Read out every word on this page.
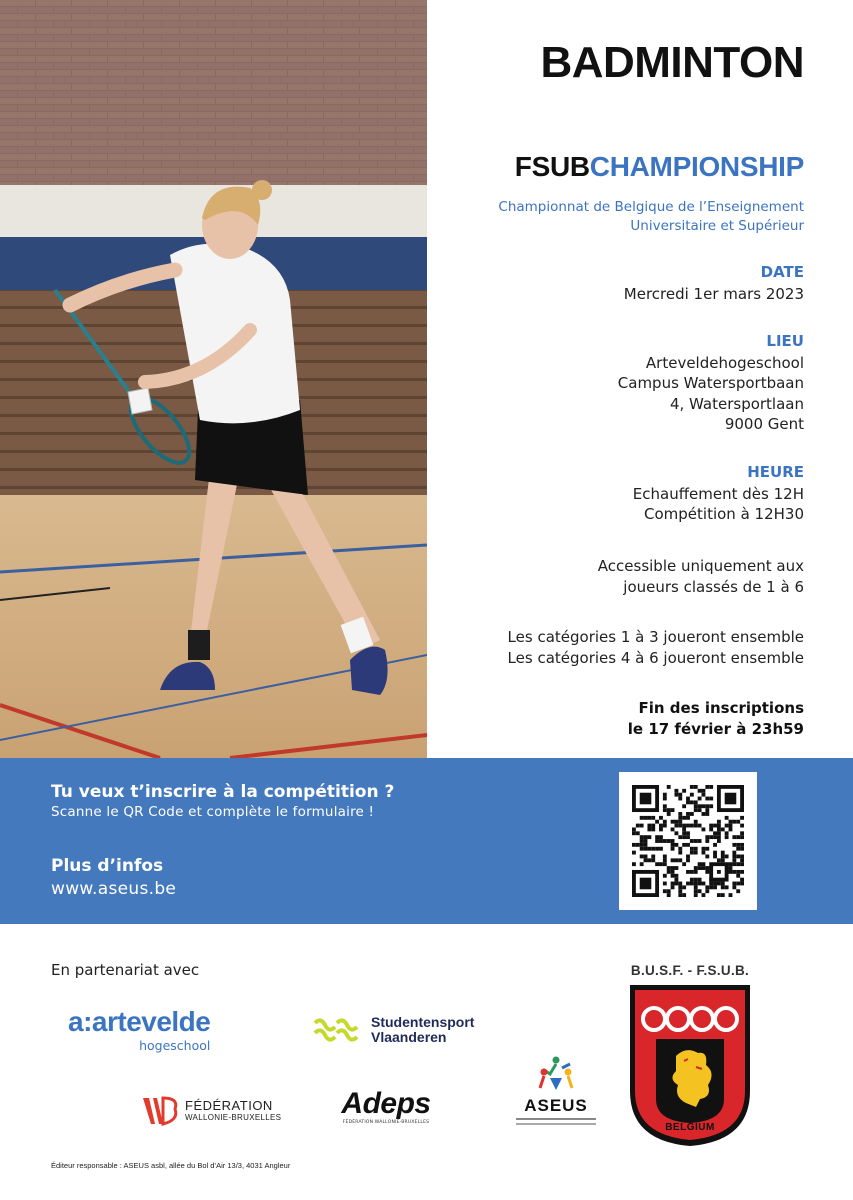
BADMINTON
FSUBCHAMPIONSHIP
Championnat de Belgique de l’Enseignement
Universitaire et Supérieur
DATE
Mercredi 1er mars 2023
LIEU
Arteveldehogeschool
Campus Watersportbaan
4, Watersportlaan
9000 Gent
HEURE
Echauffement dès 12H
Compétition à 12H30
Accessible uniquement aux
joueurs classés de 1 à 6
Les catégories 1 à 3 joueront ensemble
Les catégories 4 à 6 joueront ensemble
Fin des inscriptions
le 17 février à 23h59
Tu veux t’inscrire à la compétition ?
Scanne le QR Code et complète le formulaire !
Plus d’infos
www.aseus.be
En partenariat avec
a:artevelde
hogeschool
Studentensport
Vlaanderen
FÉDÉRATION
WALLONIE-BRUXELLES Adeps
FÉDÉRATION WALLONIE-BRUXELLES
ASEUS
B.U.S.F. - F.S.U.B.
BELGIUM
Éditeur responsable : ASEUS asbl, allée du Bol d’Air 13/3, 4031 Angleur
